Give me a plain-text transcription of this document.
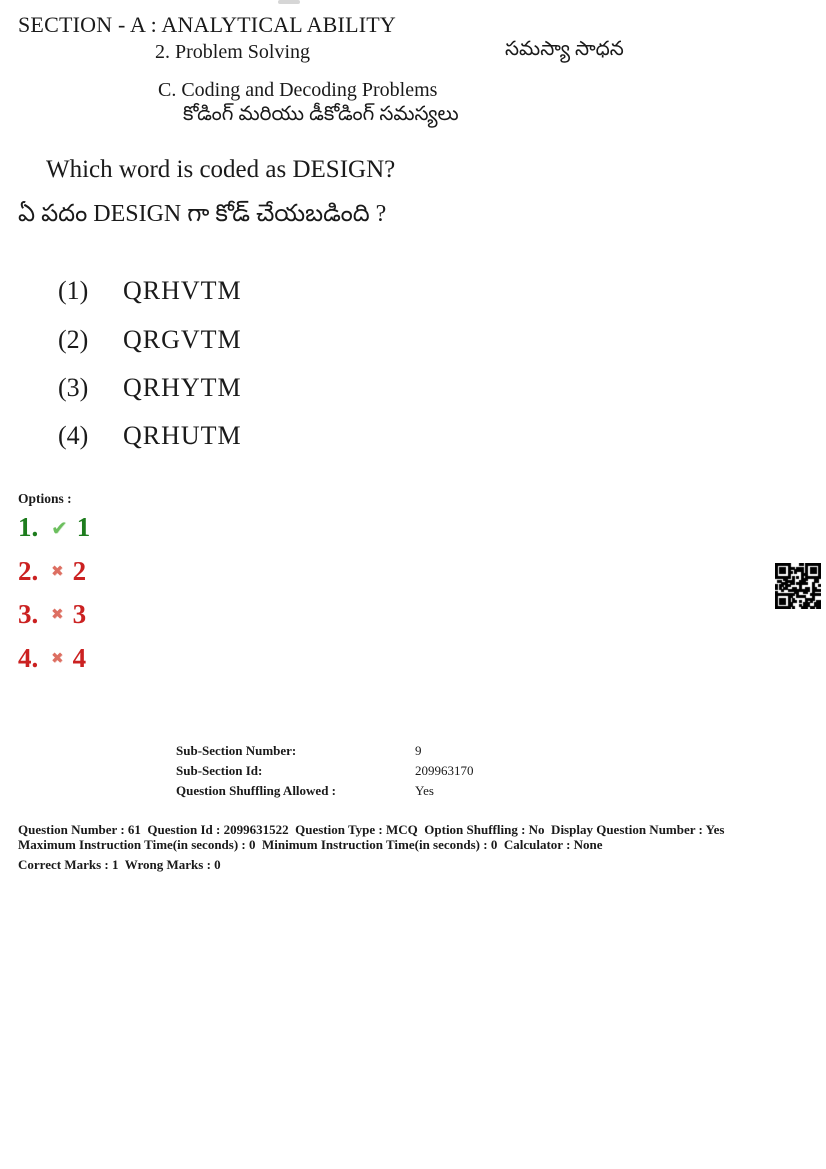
SECTION - A : ANALYTICAL ABILITY
2. Problem Solving	సమస్యా సాధన
C. Coding and Decoding Problems
కోడింగ్ మరియు డీకోడింగ్ సమస్యలు
Which word is coded as DESIGN?
ఏ పదం DESIGN గా కోడ్ చేయబడింది ?
(1)	QRHVTM
(2)	QRGVTM
(3)	QRHYTM
(4)	QRHUTM
Options :
1. ✔ 1
2. ✖ 2
3. ✖ 3
4. ✖ 4
Sub-Section Number:	9
Sub-Section Id:	209963170
Question Shuffling Allowed :	Yes
Question Number : 61  Question Id : 2099631522  Question Type : MCQ  Option Shuffling : No  Display Question Number : Yes
Maximum Instruction Time(in seconds) : 0  Minimum Instruction Time(in seconds) : 0  Calculator : None
Correct Marks : 1  Wrong Marks : 0
